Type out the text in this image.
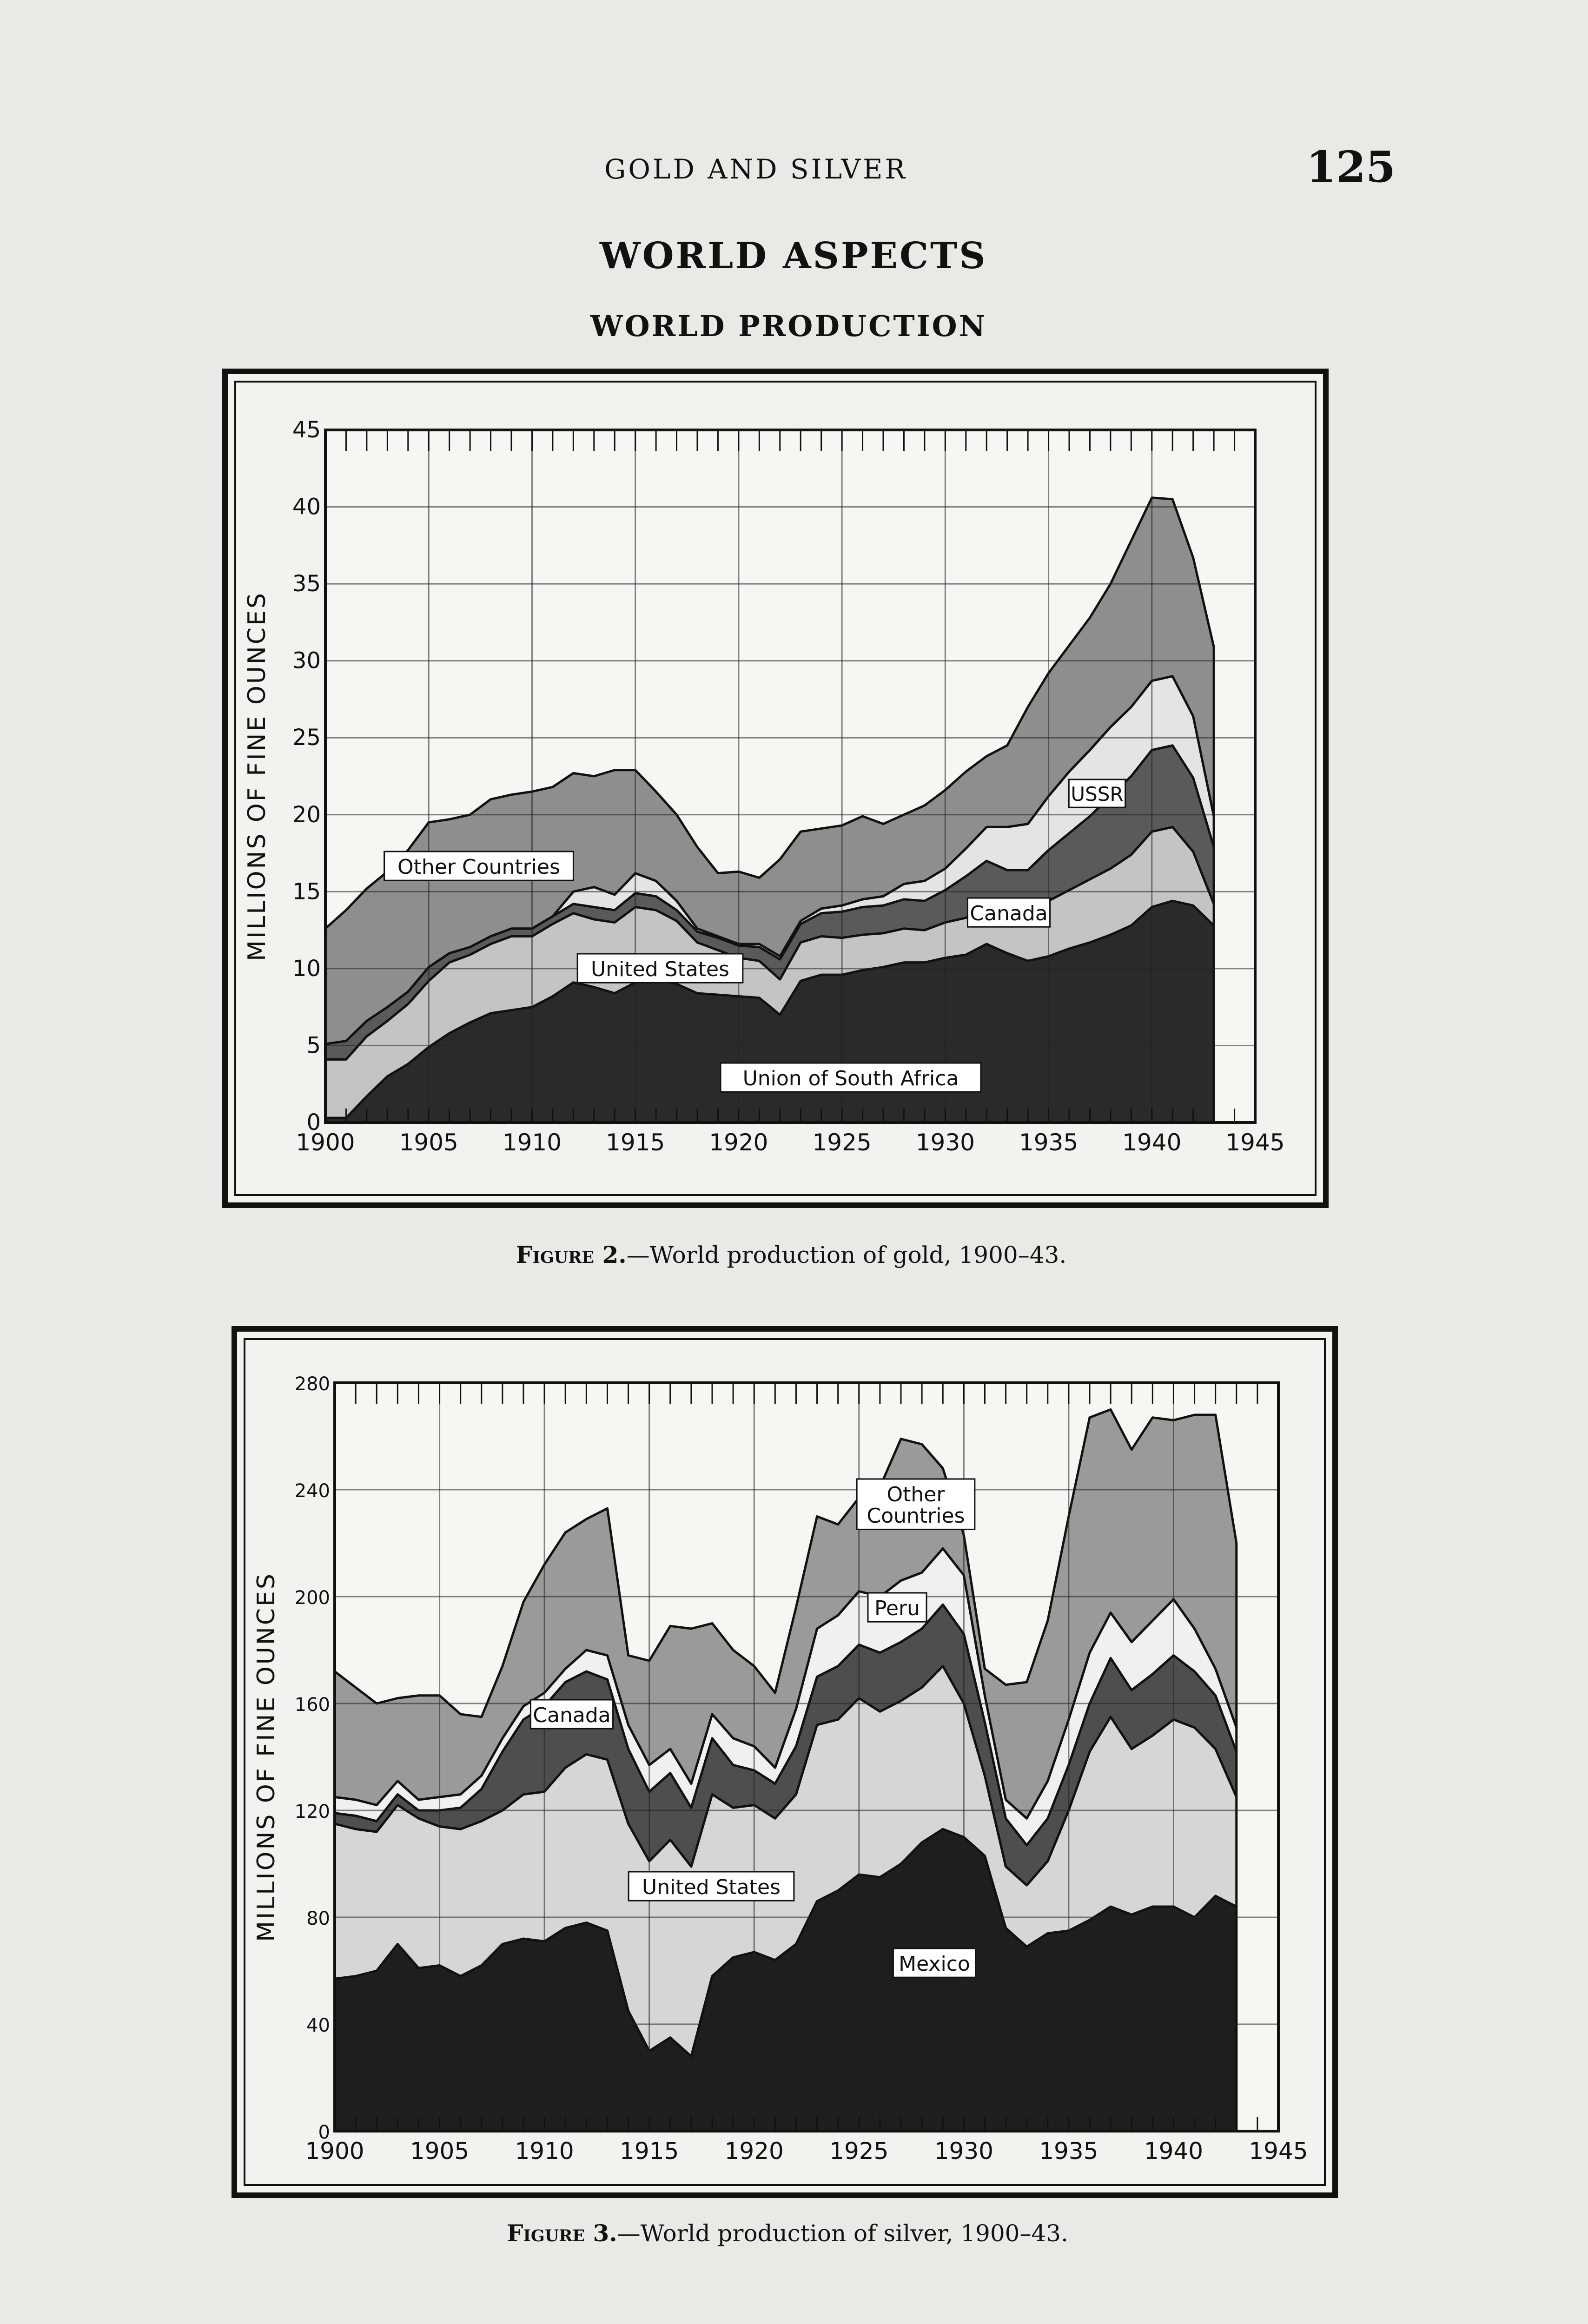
GOLD AND SILVER	125
WORLD ASPECTS
WORLD PRODUCTION
1900 1905 1910 1915 1920 1925 1930 1935 1940 1945
0
5
10
15
20
25
30
35
40
45
MILLIONS OF FINE OUNCES	Other Countries
United States
Union of South Africa
Canada
USSR
Figure 2.—World production of gold, 1900–43.
1900 1905 1910 1915 1920 1925 1930 1935 1940 1945
0
40
80
120
160
200
240
280
MILLIONS OF FINE OUNCES
Other
Countries
Peru
Canada
United States
Mexico
Figure 3.—World production of silver, 1900–43.
